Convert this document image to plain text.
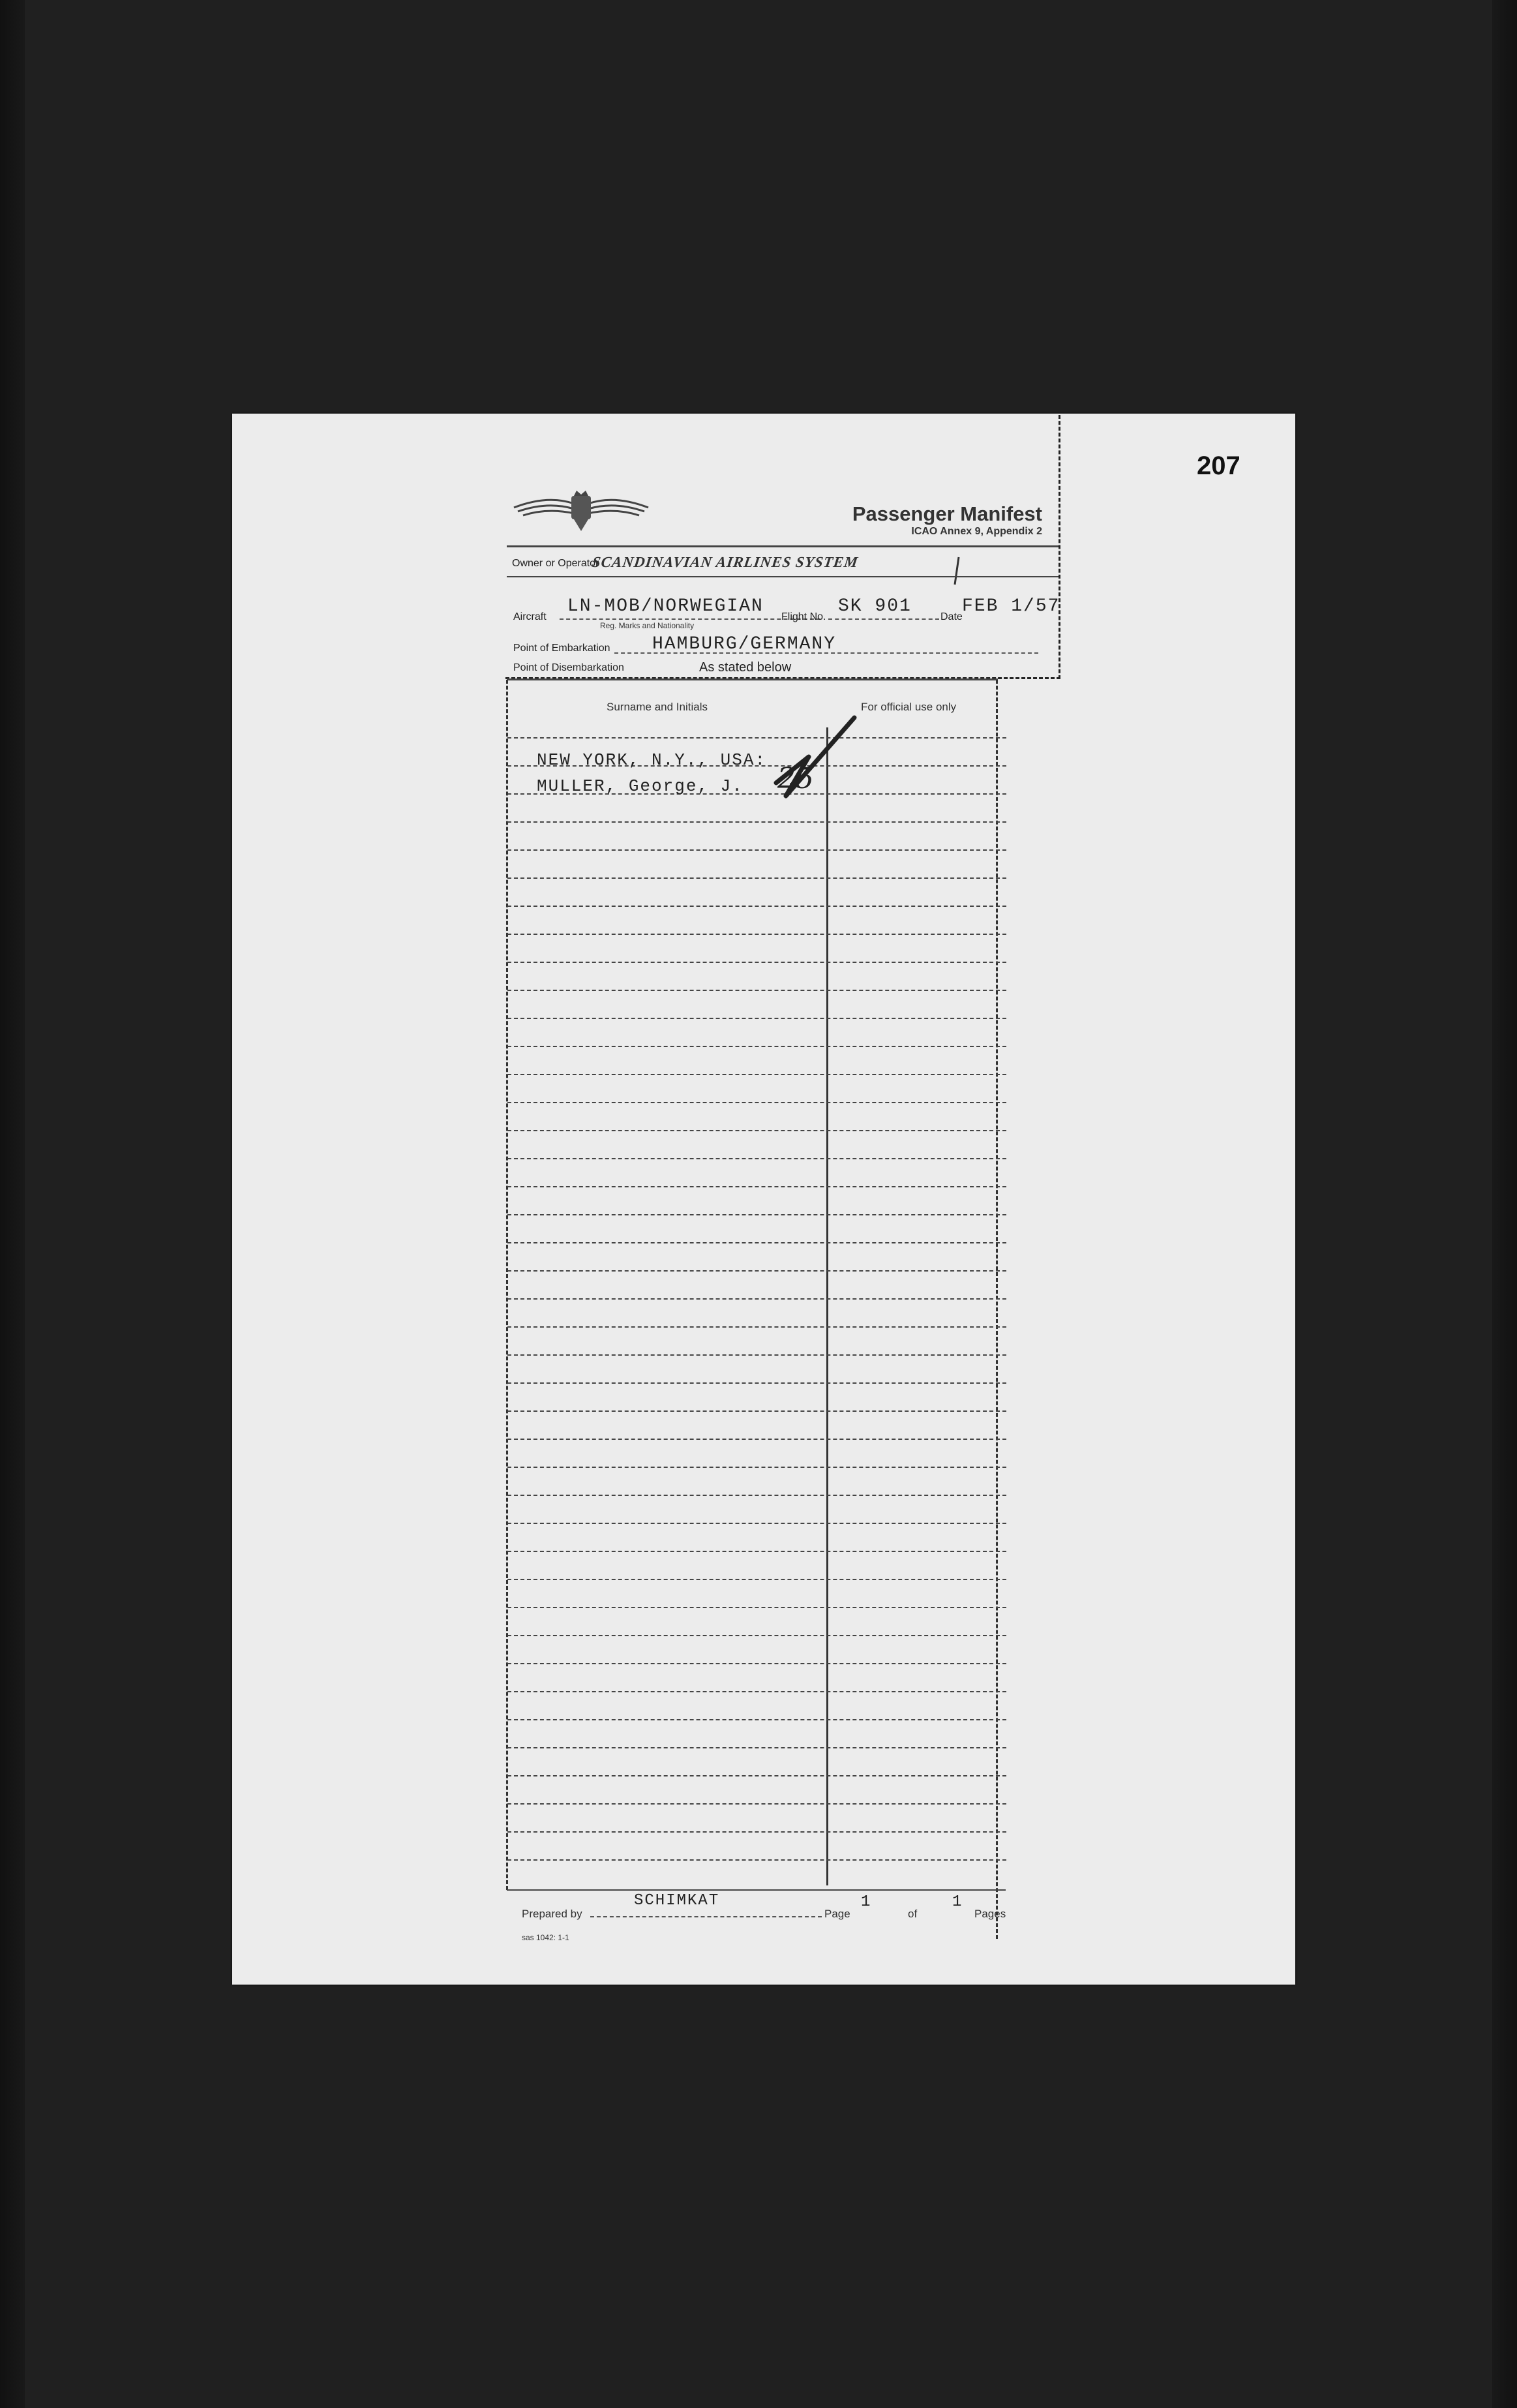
207
Passenger Manifest
ICAO Annex 9, Appendix 2
Owner or Operator
SCANDINAVIAN AIRLINES SYSTEM
Aircraft
LN-MOB/NORWEGIAN
Reg. Marks and Nationality
Flight No.
SK 901
Date
FEB 1/57
Point of Embarkation HAMBURG/GERMANY
Point of Disembarkation	As stated below
Surname and Initials	For official use only
NEW YORK, N.Y., USA:
MULLER, George, J. 25
Prepared by
SCHIMKAT
Page
1
of
1
Pages
sas 1042: 1-1
